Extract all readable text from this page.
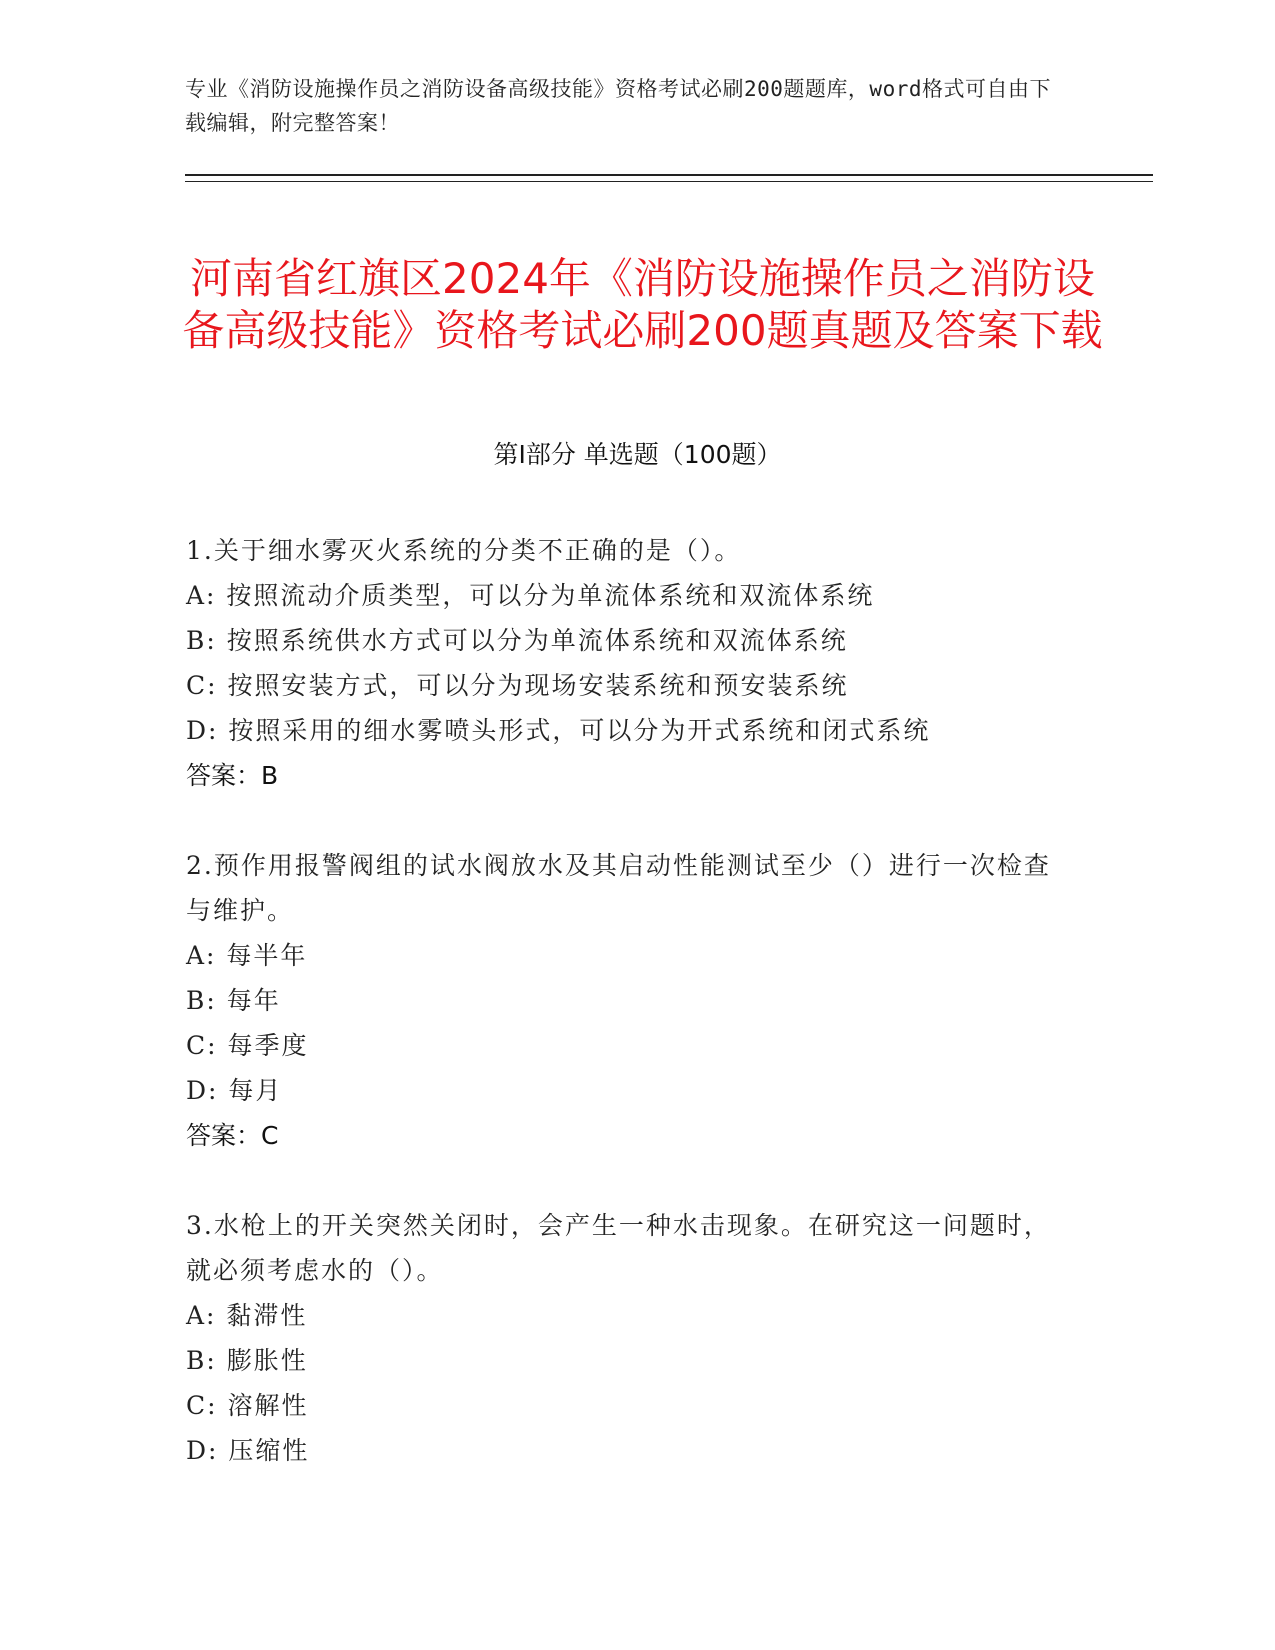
专业《消防设施操作员之消防设备高级技能》资格考试必刷200题题库，word格式可自由下载编辑，附完整答案！
河南省红旗区2024年《消防设施操作员之消防设备高级技能》资格考试必刷200题真题及答案下载
第Ⅰ部分 单选题（100题）
1.关于细水雾灭火系统的分类不正确的是（）。
A: 按照流动介质类型，可以分为单流体系统和双流体系统
B: 按照系统供水方式可以分为单流体系统和双流体系统
C: 按照安装方式，可以分为现场安装系统和预安装系统
D: 按照采用的细水雾喷头形式，可以分为开式系统和闭式系统
答案：B
2.预作用报警阀组的试水阀放水及其启动性能测试至少（）进行一次检查与维护。
A: 每半年
B: 每年
C: 每季度
D: 每月
答案：C
3.水枪上的开关突然关闭时，会产生一种水击现象。在研究这一问题时，就必须考虑水的（）。
A: 黏滞性
B: 膨胀性
C: 溶解性
D: 压缩性
